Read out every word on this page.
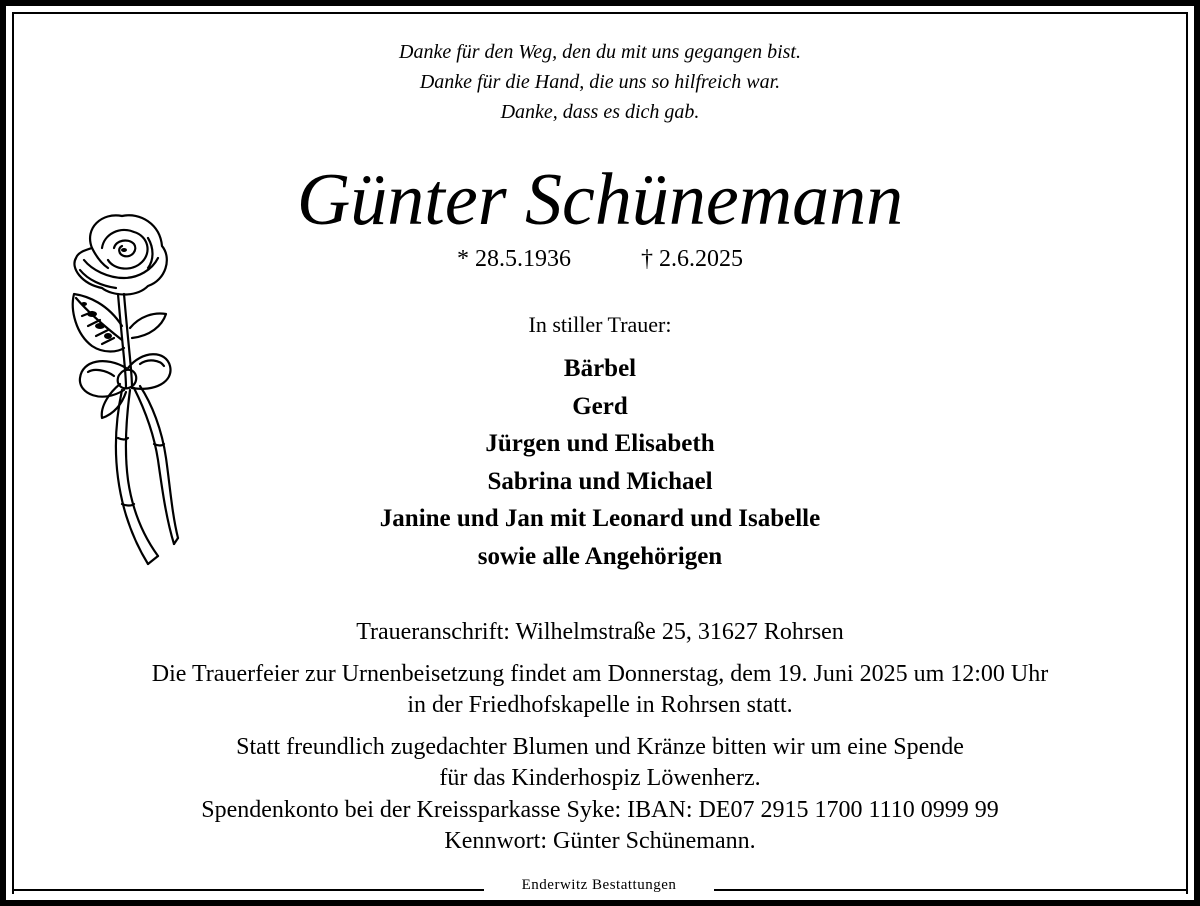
Enderwitz Bestattungen
Danke für den Weg, den du mit uns gegangen bist.
Danke für die Hand, die uns so hilfreich war.
Danke, dass es dich gab.
Günter Schünemann
* 28.5.1936	† 2.6.2025
In stiller Trauer:
Bärbel
Gerd
Jürgen und Elisabeth
Sabrina und Michael
Janine und Jan mit Leonard und Isabelle
sowie alle Angehörigen
Traueranschrift: Wilhelmstraße 25, 31627 Rohrsen
Die Trauerfeier zur Urnenbeisetzung findet am Donnerstag, dem 19. Juni 2025 um 12:00 Uhr
in der Friedhofskapelle in Rohrsen statt.
Statt freundlich zugedachter Blumen und Kränze bitten wir um eine Spende
für das Kinderhospiz Löwenherz.
Spendenkonto bei der Kreissparkasse Syke: IBAN: DE07 2915 1700 1110 0999 99
Kennwort: Günter Schünemann.
